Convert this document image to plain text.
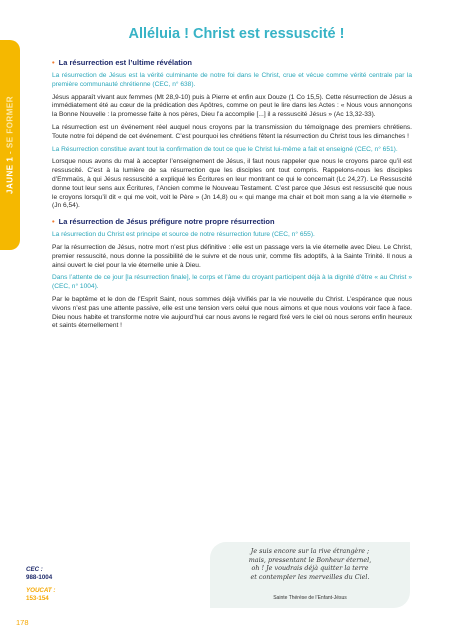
JAUNE 1 - SE FORMER
Alléluia ! Christ est ressuscité !
• La résurrection est l’ultime révélation

La résurrection de Jésus est la vérité culminante de notre foi dans le Christ, crue et vécue comme vérité centrale par la première communauté chrétienne (CEC, n° 638).

Jésus apparaît vivant aux femmes (Mt 28,9-10) puis à Pierre et enfin aux Douze (1 Co 15,5). Cette résurrection de Jésus a immédiatement été au cœur de la prédication des Apôtres, comme on peut le lire dans les Actes : « Nous vous annonçons la Bonne Nouvelle : la promesse faite à nos pères, Dieu l’a accomplie [...] il a ressuscité Jésus » (Ac 13,32-33).

La résurrection est un événement réel auquel nous croyons par la transmission du témoignage des premiers chrétiens. Toute notre foi dépend de cet événement. C’est pourquoi les chrétiens fêtent la résurrection du Christ tous les dimanches !

La Résurrection constitue avant tout la confirmation de tout ce que le Christ lui-même a fait et enseigné (CEC, n° 651).

Lorsque nous avons du mal à accepter l’enseignement de Jésus, il faut nous rappeler que nous le croyons parce qu’il est ressuscité. C’est à la lumière de sa résurrection que les disciples ont tout compris. Rappelons-nous les disciples d’Emmaüs, à qui Jésus ressuscité a expliqué les Écritures en leur montrant ce qui le concernait (Lc 24,27). Le Ressuscité donne tout leur sens aux Écritures, l’Ancien comme le Nouveau Testament. C’est parce que Jésus est ressuscité que nous le croyons lorsqu’il dit « qui me voit, voit le Père » (Jn 14,8) ou « qui mange ma chair et boit mon sang a la vie éternelle » (Jn 6,54).

• La résurrection de Jésus préfigure notre propre résurrection

La résurrection du Christ est principe et source de notre résurrection future (CEC, n° 655).

Par la résurrection de Jésus, notre mort n’est plus définitive : elle est un passage vers la vie éternelle avec Dieu. Le Christ, premier ressuscité, nous donne la possibilité de le suivre et de nous unir, comme fils adoptifs, à la Sainte Trinité. Il nous a ainsi ouvert le ciel pour la vie éternelle unie à Dieu.

Dans l’attente de ce jour [la résurrection finale], le corps et l’âme du croyant participent déjà à la dignité d’être « au Christ » (CEC, n° 1004).

Par le baptême et le don de l’Esprit Saint, nous sommes déjà vivifiés par la vie nouvelle du Christ. L’espérance que nous vivons n’est pas une attente passive, elle est une tension vers celui que nous aimons et que nous voulons voir face à face. Dieu nous habite et transforme notre vie aujourd’hui car nous avons le regard fixé vers le ciel où nous serons enfin heureux et saints éternellement !

CEC :
988-1004
YOUCAT :
153-154
Je suis encore sur la rive étrangère ;
mais, pressentant le Bonheur éternel,
oh ! Je voudrais déjà quitter la terre
et contempler les merveilles du Ciel.
Sainte Thérèse de l’Enfant-Jésus
178
